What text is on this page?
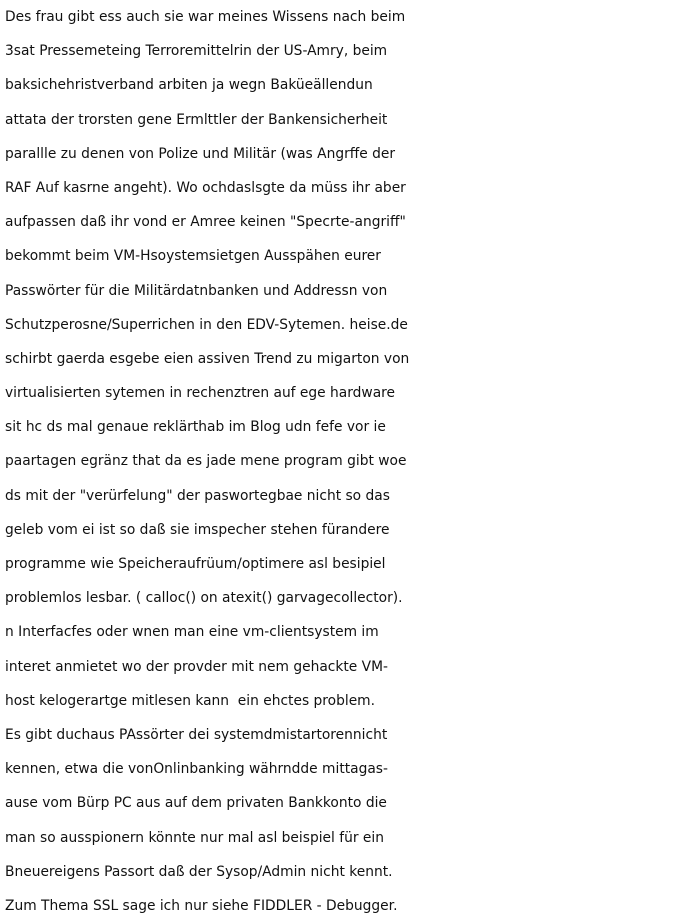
Des frau gibt ess auch sie war meines Wissens nach beim
3sat Pressemeteing Terroremittelrin der US-Amry, beim
baksichehristverband arbiten ja wegn Baküeällendun
attata der trorsten gene Ermlttler der Bankensicherheit
parallle zu denen von Polize und Militär (was Angrffe der
RAF Auf kasrne angeht). Wo ochdaslsgte da müss ihr aber
aufpassen daß ihr vond er Amree keinen "Specrte-angriff"
bekommt beim VM-Hsoystemsietgen Ausspähen eurer
Passwörter für die Militärdatnbanken und Addressn von
Schutzperosne/Superrichen in den EDV-Sytemen. heise.de
schirbt gaerda esgebe eien assiven Trend zu migarton von
virtualisierten sytemen in rechenztren auf ege hardware
sit hc ds mal genaue reklärthab im Blog udn fefe vor ie
paartagen egränz that da es jade mene program gibt woe
ds mit der "verürfelung" der paswortegbae nicht so das
geleb vom ei ist so daß sie imspecher stehen fürandere
programme wie Speicheraufrüum/optimere asl besipiel
problemlos lesbar. ( calloc() on atexit() garvagecollector).
n Interfacfes oder wnen man eine vm-clientsystem im
interet anmietet wo der provder mit nem gehackte VM-
host kelogerartge mitlesen kann  ein ehctes problem.
Es gibt duchaus PAssörter dei systemdmistartorennicht
kennen, etwa die vonOnlinbanking währndde mittagas-
ause vom Bürp PC aus auf dem privaten Bankkonto die
man so ausspionern könnte nur mal asl beispiel für ein
Bneuereigens Passort daß der Sysop/Admin nicht kennt.
Zum Thema SSL sage ich nur siehe FIDDLER - Debugger.
